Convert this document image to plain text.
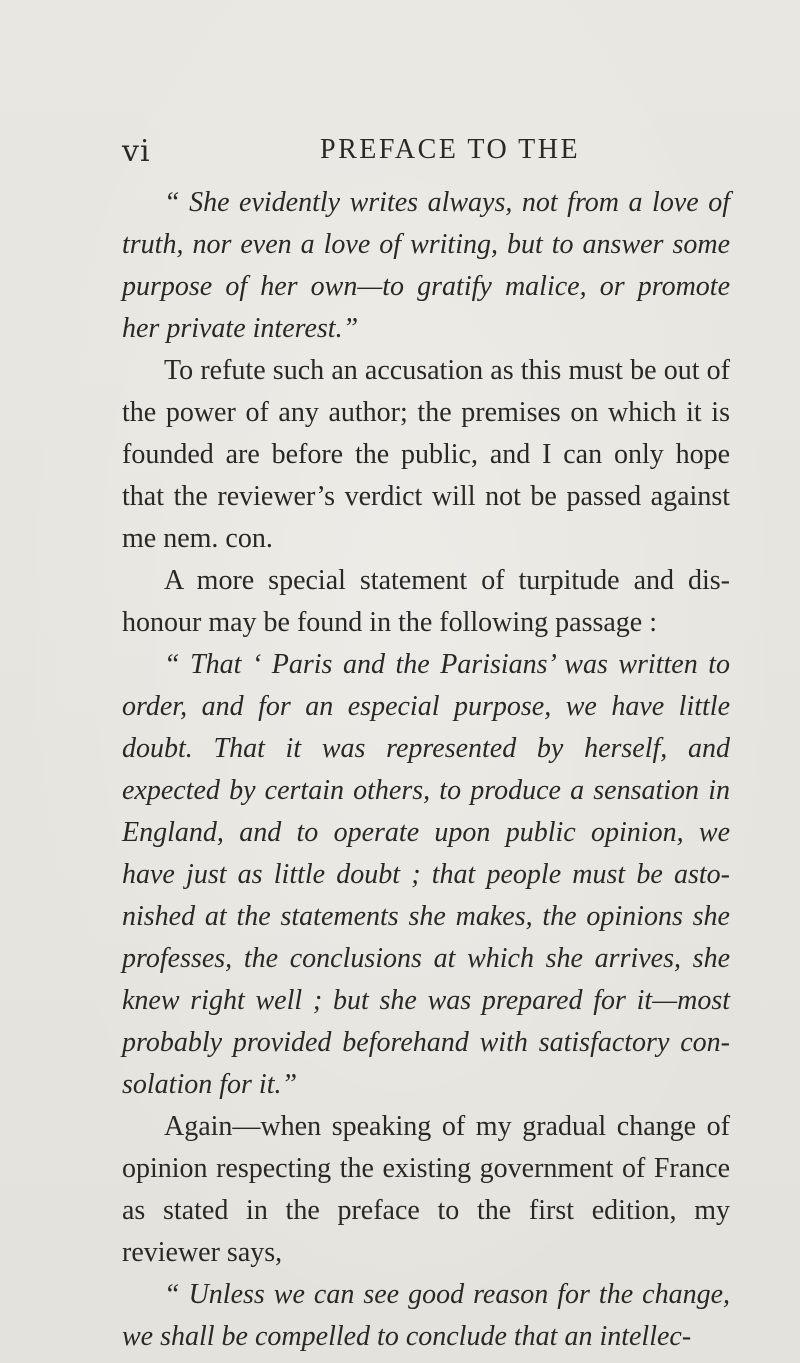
vi	PREFACE TO THE

“ She evidently writes always, not from a love of truth, nor even a love of writing, but to answer some purpose of her own—to gratify malice, or promote her private interest.”

To refute such an accusation as this must be out of the power of any author; the premises on which it is founded are before the public, and I can only hope that the reviewer’s verdict will not be passed against me nem. con.

A more special statement of turpitude and dis-honour may be found in the following passage :

“ That ‘ Paris and the Parisians’ was written to order, and for an especial purpose, we have little doubt. That it was represented by herself, and expected by certain others, to produce a sensation in England, and to operate upon public opinion, we have just as little doubt ; that people must be asto-nished at the statements she makes, the opinions she professes, the conclusions at which she arrives, she knew right well ; but she was prepared for it—most probably provided beforehand with satisfactory con-solation for it.”

Again—when speaking of my gradual change of opinion respecting the existing government of France as stated in the preface to the first edition, my reviewer says,

“ Unless we can see good reason for the change, we shall be compelled to conclude that an intellec-
